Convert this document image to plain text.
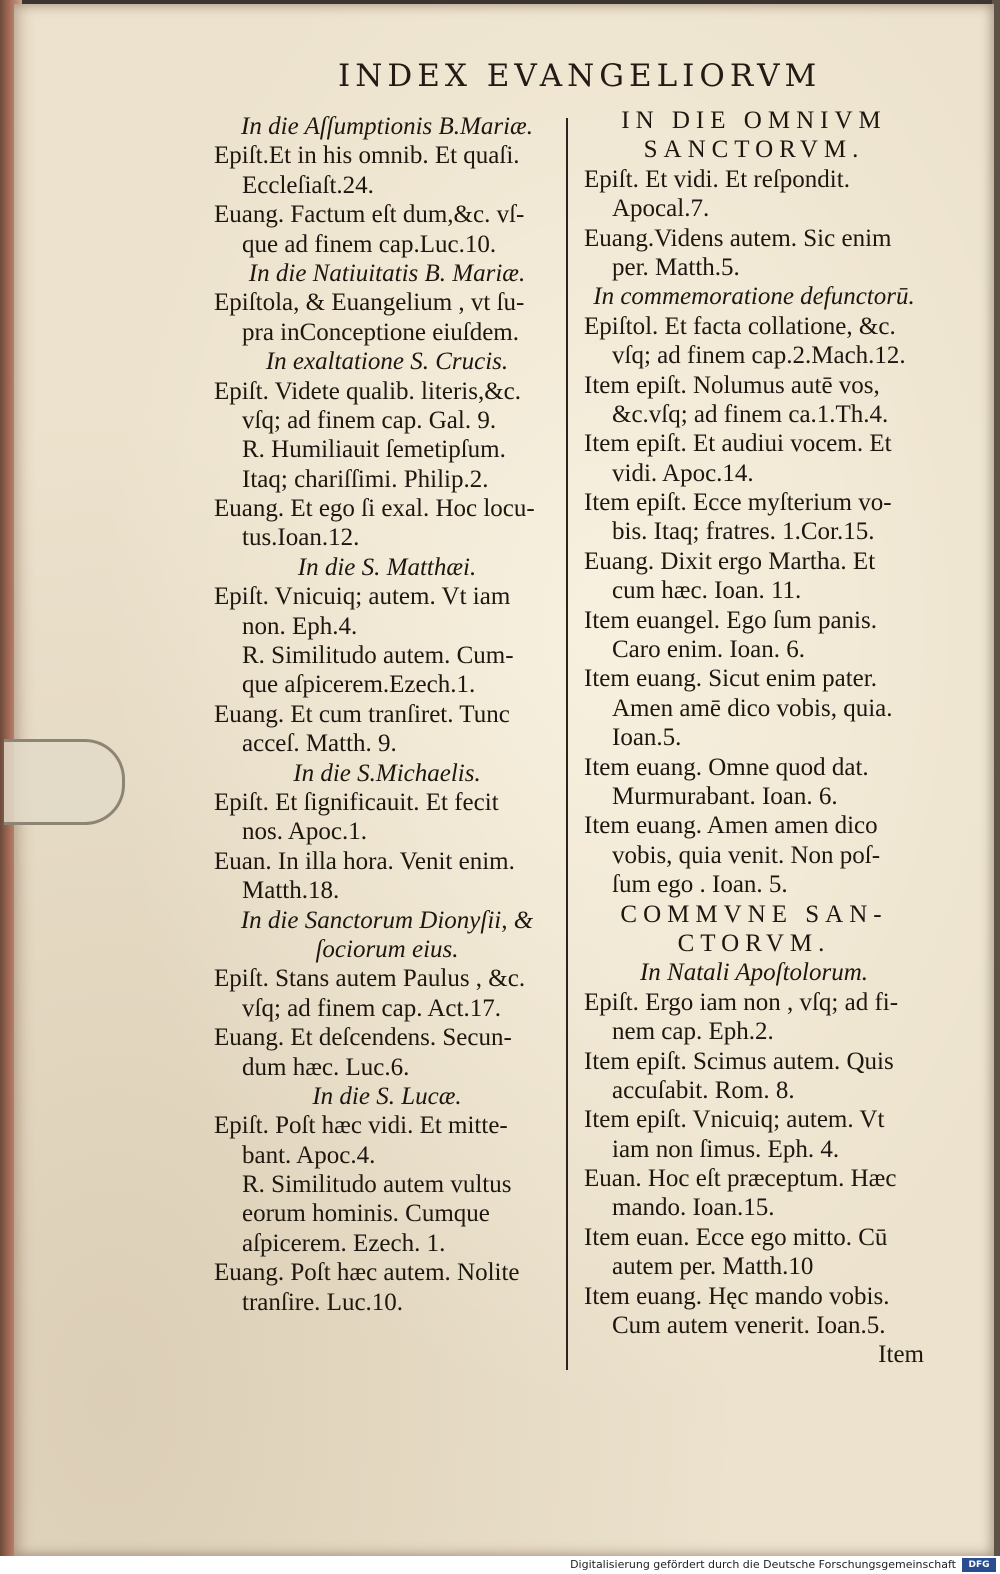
INDEX EVANGELIORVM
In die Aſſumptionis B.Mariæ.
Epiſt.Et in his omnib. Et quaſi.
Eccleſiaſt.24.
Euang. Factum eſt dum,&c. vſ-
que ad finem cap.Luc.10.
In die Natiuitatis B. Mariæ.
Epiſtola, & Euangelium , vt ſu-
pra inConceptione eiuſdem.
In exaltatione S. Crucis.
Epiſt. Videte qualib. literis,&c.
vſq; ad finem cap. Gal. 9.
R. Humiliauit ſemetipſum.
Itaq; chariſſimi. Philip.2.
Euang. Et ego ſi exal. Hoc locu-
tus.Ioan.12.
In die S. Matthæi.
Epiſt. Vnicuiq; autem. Vt iam
non. Eph.4.
R. Similitudo autem. Cum-
que aſpicerem.Ezech.1.
Euang. Et cum tranſiret. Tunc
acceſ. Matth. 9.
In die S.Michaelis.
Epiſt. Et ſignificauit. Et fecit
nos. Apoc.1.
Euan. In illa hora. Venit enim.
Matth.18.
In die Sanctorum Dionyſii, &
ſociorum eius.
Epiſt. Stans autem Paulus , &c.
vſq; ad finem cap. Act.17.
Euang. Et deſcendens. Secun-
dum hæc. Luc.6.
In die S. Lucæ.
Epiſt. Poſt hæc vidi. Et mitte-
bant. Apoc.4.
R. Similitudo autem vultus
eorum hominis. Cumque
aſpicerem. Ezech. 1.
Euang. Poſt hæc autem. Nolite
tranſire. Luc.10.
IN DIE OMNIVM
SANCTORVM.
Epiſt. Et vidi. Et reſpondit.
Apocal.7.
Euang.Videns autem. Sic enim
per. Matth.5.
In commemoratione defunctorū.
Epiſtol. Et facta collatione, &c.
vſq; ad finem cap.2.Mach.12.
Item epiſt. Nolumus autē vos,
&c.vſq; ad finem ca.1.Th.4.
Item epiſt. Et audiui vocem. Et
vidi. Apoc.14.
Item epiſt. Ecce myſterium vo-
bis. Itaq; fratres. 1.Cor.15.
Euang. Dixit ergo Martha. Et
cum hæc. Ioan. 11.
Item euangel. Ego ſum panis.
Caro enim. Ioan. 6.
Item euang. Sicut enim pater.
Amen amē dico vobis, quia.
Ioan.5.
Item euang. Omne quod dat.
Murmurabant. Ioan. 6.
Item euang. Amen amen dico
vobis, quia venit. Non poſ-
ſum ego . Ioan. 5.
COMMVNE SAN-
CTORVM.
In Natali Apoſtolorum.
Epiſt. Ergo iam non , vſq; ad fi-
nem cap. Eph.2.
Item epiſt. Scimus autem. Quis
accuſabit. Rom. 8.
Item epiſt. Vnicuiq; autem. Vt
iam non ſimus. Eph. 4.
Euan. Hoc eſt præceptum. Hæc
mando. Ioan.15.
Item euan. Ecce ego mitto. Cū
autem per. Matth.10
Item euang. Hęc mando vobis.
Cum autem venerit. Ioan.5.
Item
Digitalisierung gefördert durch die Deutsche Forschungsgemeinschaft	DFG
